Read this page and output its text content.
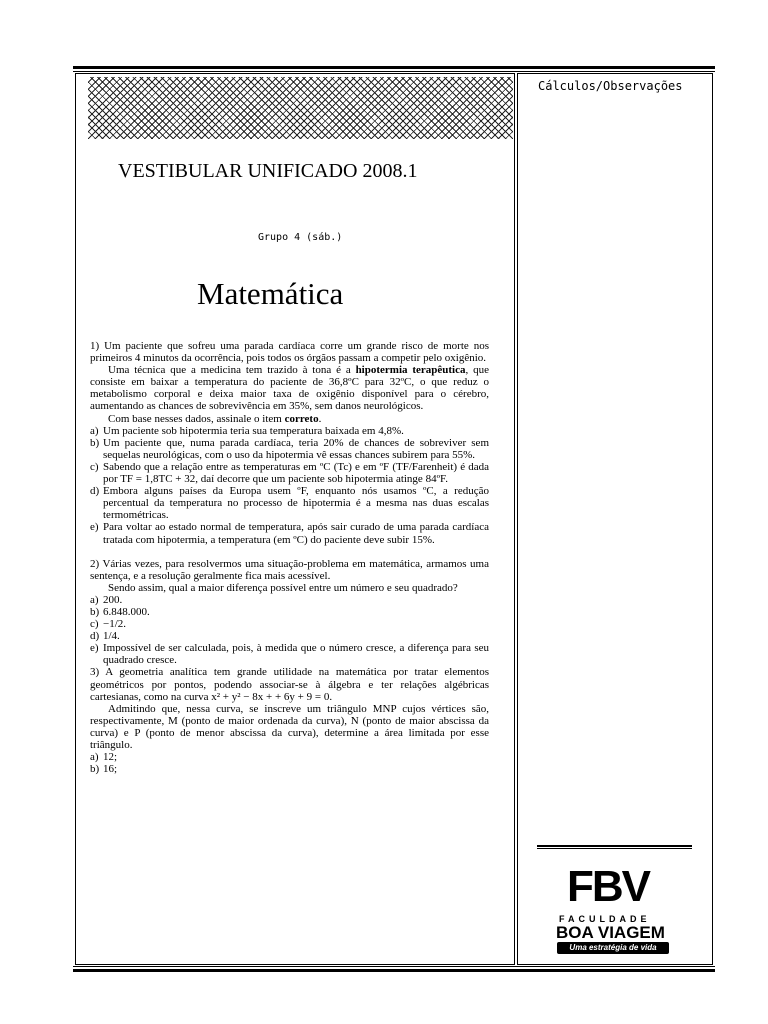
Cálculos/Observações
VESTIBULAR UNIFICADO 2008.1
Grupo 4 (sáb.)
Matemática

1) Um paciente que sofreu uma parada cardíaca corre um grande risco de morte nos primeiros 4 minutos da ocorrência, pois todos os órgãos passam a competir pelo oxigênio.

Uma técnica que a medicina tem trazido à tona é a hipotermia terapêutica, que consiste em baixar a temperatura do paciente de 36,8ºC para 32ºC, o que reduz o metabolismo corporal e deixa maior taxa de oxigênio disponível para o cérebro, aumentando as chances de sobrevivência em 35%, sem danos neurológicos.

Com base nesses dados, assinale o item correto.

a) Um paciente sob hipotermia teria sua temperatura baixada em 4,8%.
b) Um paciente que, numa parada cardíaca, teria 20% de chances de sobreviver sem sequelas neurológicas, com o uso da hipotermia vê essas chances subirem para 55%.
c) Sabendo que a relação entre as temperaturas em ºC (Tc) e em ºF (TF/Farenheit) é dada por TF = 1,8TC + 32, daí decorre que um paciente sob hipotermia atinge 84ºF.
d) Embora alguns países da Europa usem ºF, enquanto nós usamos ºC, a redução percentual da temperatura no processo de hipotermia é a mesma nas duas escalas termométricas.
e) Para voltar ao estado normal de temperatura, após sair curado de uma parada cardíaca tratada com hipotermia, a temperatura (em ºC) do paciente deve subir 15%.

2) Várias vezes, para resolvermos uma situação-problema em matemática, armamos uma sentença, e a resolução geralmente fica mais acessível.

Sendo assim, qual a maior diferença possível entre um número e seu quadrado?

a) 200.
b) 6.848.000.
c) −1/2.
d) 1/4.
e) Impossível de ser calculada, pois, à medida que o número cresce, a diferença para seu quadrado cresce.

3) A geometria analítica tem grande utilidade na matemática por tratar elementos geométricos por pontos, podendo associar-se à álgebra e ter relações algébricas cartesianas, como na curva x² + y² − 8x + + 6y + 9 = 0.

Admitindo que, nessa curva, se inscreve um triângulo MNP cujos vértices são, respectivamente, M (ponto de maior ordenada da curva), N (ponto de maior abscissa da curva) e P (ponto de menor abscissa da curva), determine a área limitada por esse triângulo.

a) 12;
b) 16;
FBV
FACULDADE
BOA VIAGEM
Uma estratégia de vida
